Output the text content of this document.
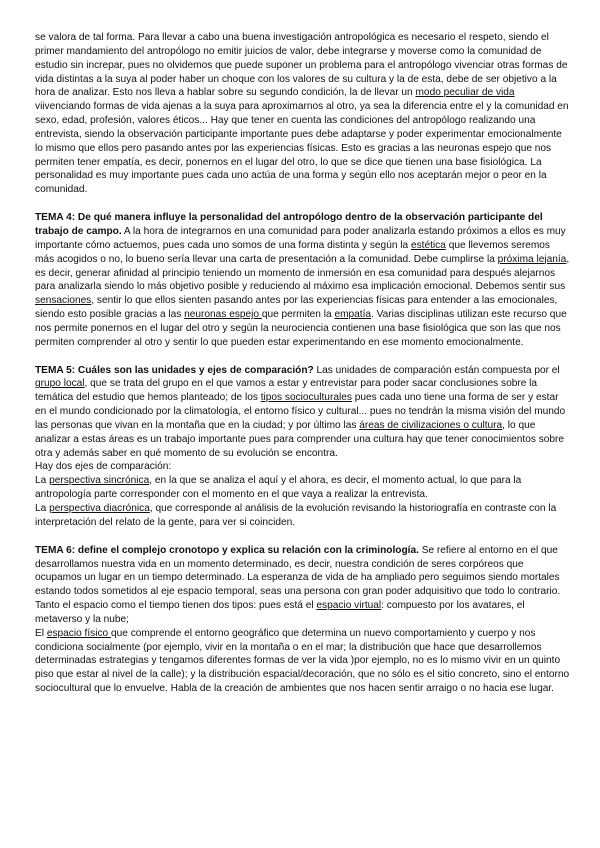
se valora de tal forma. Para llevar a cabo una buena investigación antropológica es necesario el respeto, siendo el primer mandamiento del antropólogo no emitir juicios de valor, debe integrarse y moverse como la comunidad de estudio sin increpar, pues no olvidemos que puede suponer un problema para el antropólogo vivenciar otras formas de vida distintas a la suya al poder haber un choque con los valores de su cultura y la de esta, debe de ser objetivo a la hora de analizar. Esto nos lleva a hablar sobre su segundo condición, la de llevar un modo peculiar de vida viivenciando formas de vida ajenas a la suya para aproximarnos al otro, ya sea la diferencia entre el y la comunidad en sexo, edad, profesión, valores éticos... Hay que tener en cuenta las condiciones del antropólogo realizando una entrevista, siendo la observación participante importante pues debe adaptarse y poder experimentar emocionalmente lo mismo que ellos pero pasando antes por las experiencias físicas. Esto es gracias a las neuronas espejo que nos permiten tener empatía, es decir, ponernos en el lugar del otro, lo que se dice que tienen una base fisiológica. La personalidad es muy importante pues cada uno actúa de una forma y según ello nos aceptarán mejor o peor en la comunidad.

TEMA 4: De qué manera influye la personalidad del antropólogo dentro de la observación participante del trabajo de campo. A la hora de integrarnos en una comunidad para poder analizarla estando próximos a ellos es muy importante cómo actuemos, pues cada uno somos de una forma distinta y según la estética que llevemos seremos más acogidos o no, lo bueno sería llevar una carta de presentación a la comunidad. Debe cumplirse la próxima lejanía, es decir, generar afinidad al principio teniendo un momento de inmersión en esa comunidad para después alejarnos para analizarla siendo lo más objetivo posible y reduciendo al máximo esa implicación emocional. Debemos sentir sus sensaciones, sentir lo que ellos sienten pasando antes por las experiencias físicas para entender a las emocionales, siendo esto posible gracias a las neuronas espejo que permiten la empatía. Varias disciplinas utilizan este recurso que nos permite ponernos en el lugar del otro y según la neurociencia contienen una base fisiológica que son las que nos permiten comprender al otro y sentir lo que pueden estar experimentando en ese momento emocionalmente.

TEMA 5: Cuáles son las unidades y ejes de comparación? Las unidades de comparación están compuesta por el grupo local, que se trata del grupo en el que vamos a estar y entrevistar para poder sacar conclusiones sobre la temática del estudio que hemos planteado; de los tipos socioculturales pues cada uno tiene una forma de ser y estar en el mundo condicionado por la climatología, el entorno físico y cultural... pues no tendrán la misma visión del mundo las personas que vivan en la montaña que en la ciudad; y por último las áreas de civilizaciones o cultura, lo que analizar a estas áreas es un trabajo importante pues para comprender una cultura hay que tener conocimientos sobre otra y además saber en qué momento de su evolución se encontra.

Hay dos ejes de comparación:

La perspectiva sincrónica, en la que se analiza el aquí y el ahora, es decir, el momento actual, lo que para la antropología parte corresponder con el momento en el que vaya a realizar la entrevista.

La perspectiva diacrónica, que corresponde al análisis de la evolución revisando la historiografía en contraste con la interpretación del relato de la gente, para ver si coinciden.

TEMA 6: define el complejo cronotopo y explica su relación con la criminología. Se refiere al entorno en el que desarrollamos nuestra vida en un momento determinado, es decir, nuestra condición de seres corpóreos que ocupamos un lugar en un tiempo determinado. La esperanza de vida de ha ampliado pero seguimos siendo mortales estando todos sometidos al eje espacio temporal, seas una persona con gran poder adquisitivo que todo lo contrario. Tanto el espacio como el tiempo tienen dos tipos: pues está el espacio virtual: compuesto por los avatares, el metaverso y la nube;

El espacio físico que comprende el entorno geográfico que determina un nuevo comportamiento y cuerpo y nos condiciona socialmente (por ejemplo, vivir en la montaña o en el mar; la distribución que hace que desarrollemos determinadas estrategias y tengamos diferentes formas de ver la vida )por ejemplo, no es lo mismo vivir en un quinto piso que estar al nivel de la calle); y la distribución espacial/decoración, que no sólo es el sitio concreto, sino el entorno sociocultural que lo envuelve. Habla de la creación de ambientes que nos hacen sentir arraigo o no hacia ese lugar.
